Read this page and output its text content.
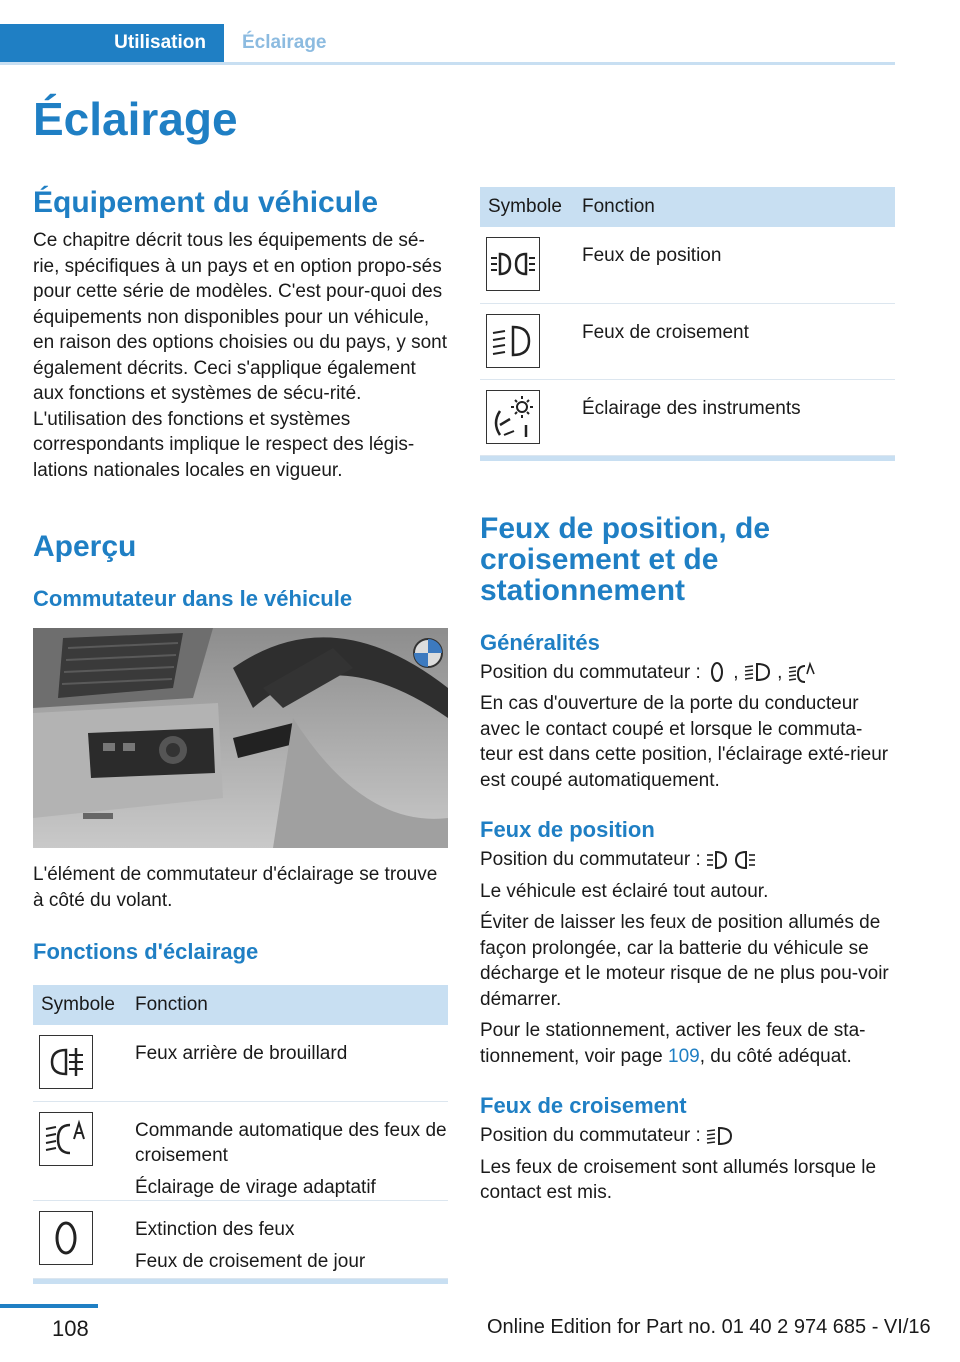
Utilisation	Éclairage
Éclairage
Équipement du véhicule

Ce chapitre décrit tous les équipements de sé-rie, spécifiques à un pays et en option propo-sés pour cette série de modèles. C'est pour-quoi des équipements non disponibles pour un véhicule, en raison des options choisies ou du pays, y sont également décrits. Ceci s'applique également aux fonctions et systèmes de sécu-rité. L'utilisation des fonctions et systèmes correspondants implique le respect des légis-lations nationales locales en vigueur.

Aperçu
Commutateur dans le véhicule

L'élément de commutateur d'éclairage se trouve à côté du volant.

Fonctions d'éclairage
Symbole	Fonction

Feux arrière de brouillard

Commande automatique des feux de croisement
Éclairage de virage adaptatif

Extinction des feux
Feux de croisement de jour
Symbole	Fonction

Feux de position

Feux de croisement

Éclairage des instruments
Feux de position, de croisement et de stationnement
Généralités

Position du commutateur : , ,

En cas d'ouverture de la porte du conducteur avec le contact coupé et lorsque le commuta-teur est dans cette position, l'éclairage exté-rieur est coupé automatiquement.

Feux de position

Position du commutateur :

Le véhicule est éclairé tout autour.

Éviter de laisser les feux de position allumés de façon prolongée, car la batterie du véhicule se décharge et le moteur risque de ne plus pou-voir démarrer.

Pour le stationnement, activer les feux de sta-tionnement, voir page 109, du côté adéquat.

Feux de croisement

Position du commutateur :

Les feux de croisement sont allumés lorsque le contact est mis.

108	Online Edition for Part no. 01 40 2 974 685 - VI/16
